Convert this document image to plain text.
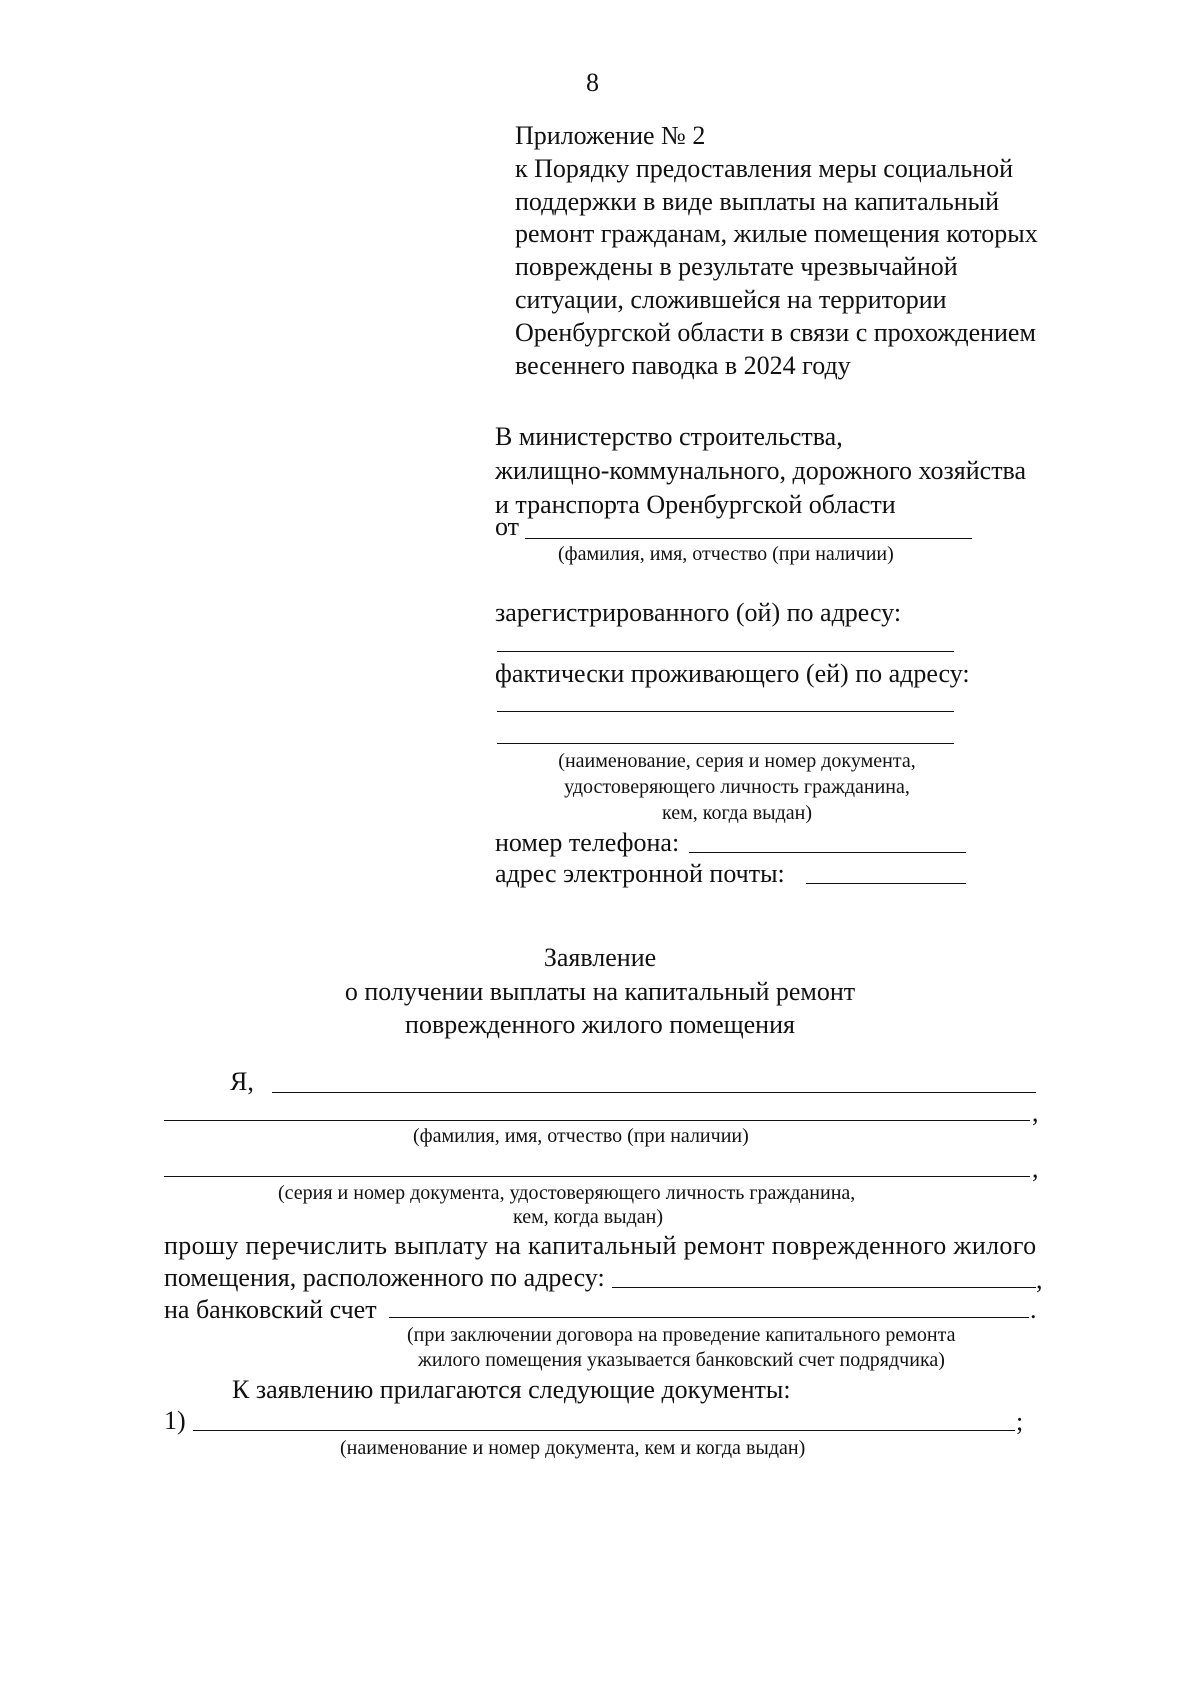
8
Приложение № 2
к Порядку предоставления меры социальной
поддержки в виде выплаты на капитальный
ремонт гражданам, жилые помещения которых
повреждены в результате чрезвычайной
ситуации, сложившейся на территории
Оренбургской области в связи с прохождением
весеннего паводка в 2024 году
В министерство строительства,
жилищно-коммунального, дорожного хозяйства
и транспорта Оренбургской области
от
(фамилия, имя, отчество (при наличии)
зарегистрированного (ой) по адресу:
фактически проживающего (ей) по адресу:
(наименование, серия и номер документа,
удостоверяющего личность гражданина,
кем, когда выдан)
номер телефона:
адрес электронной почты:
Заявление
о получении выплаты на капитальный ремонт
поврежденного жилого помещения
Я,
,
(фамилия, имя, отчество (при наличии)
,
(серия и номер документа, удостоверяющего личность гражданина,
кем, когда выдан)
прошу перечислить выплату на капитальный ремонт поврежденного жилого
помещения, расположенного по адресу:	,
на банковский счет	.
(при заключении договора на проведение капитального ремонта
жилого помещения указывается банковский счет подрядчика)
К заявлению прилагаются следующие документы:
1)	;
(наименование и номер документа, кем и когда выдан)
